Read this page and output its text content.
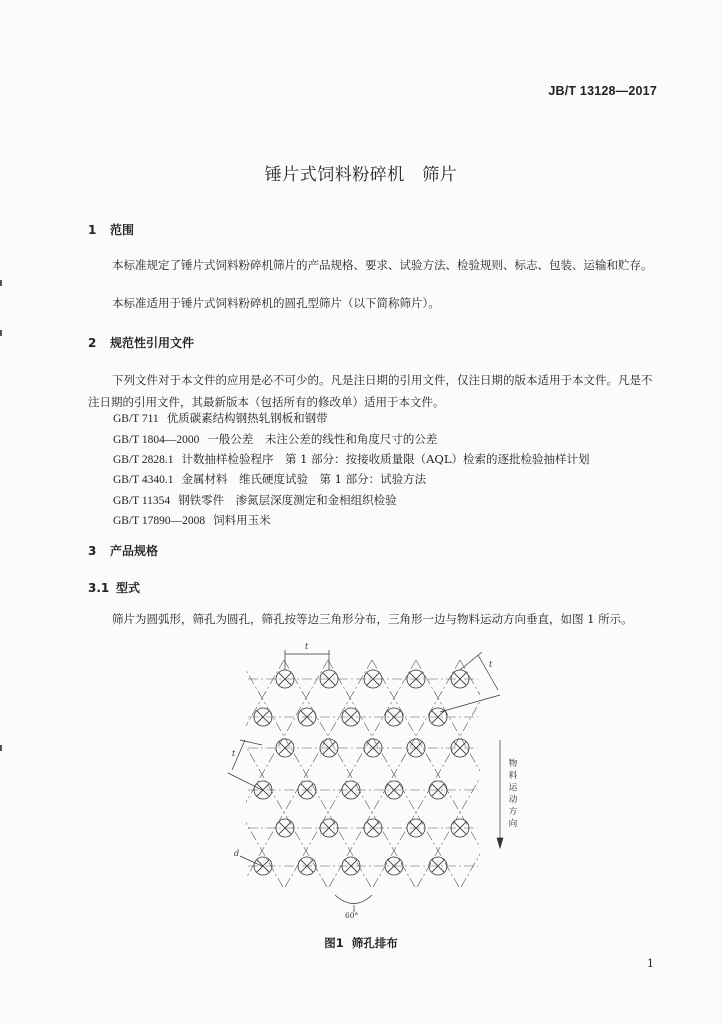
JB/T 13128—2017
锤片式饲料粉碎机　筛片
1 范围
本标准规定了锤片式饲料粉碎机筛片的产品规格、要求、试验方法、检验规则、标志、包装、运输和贮存。
本标准适用于锤片式饲料粉碎机的圆孔型筛片（以下简称筛片）。
2 规范性引用文件
下列文件对于本文件的应用是必不可少的。凡是注日期的引用文件，仅注日期的版本适用于本文件。凡是不注日期的引用文件，其最新版本（包括所有的修改单）适用于本文件。
GB/T 711 优质碳素结构钢热轧钢板和钢带
GB/T 1804—2000 一般公差　未注公差的线性和角度尺寸的公差
GB/T 2828.1 计数抽样检验程序　第 1 部分：按接收质量限（AQL）检索的逐批检验抽样计划
GB/T 4340.1 金属材料　维氏硬度试验　第 1 部分：试验方法
GB/T 11354 钢铁零件　渗氮层深度测定和金相组织检验
GB/T 17890—2008 饲料用玉米
3 产品规格
3.1 型式
筛片为圆弧形，筛孔为圆孔，筛孔按等边三角形分布，三角形一边与物料运动方向垂直，如图 1 所示。
t
t
t
d
60°
物料运动方向
图1 筛孔排布
1
